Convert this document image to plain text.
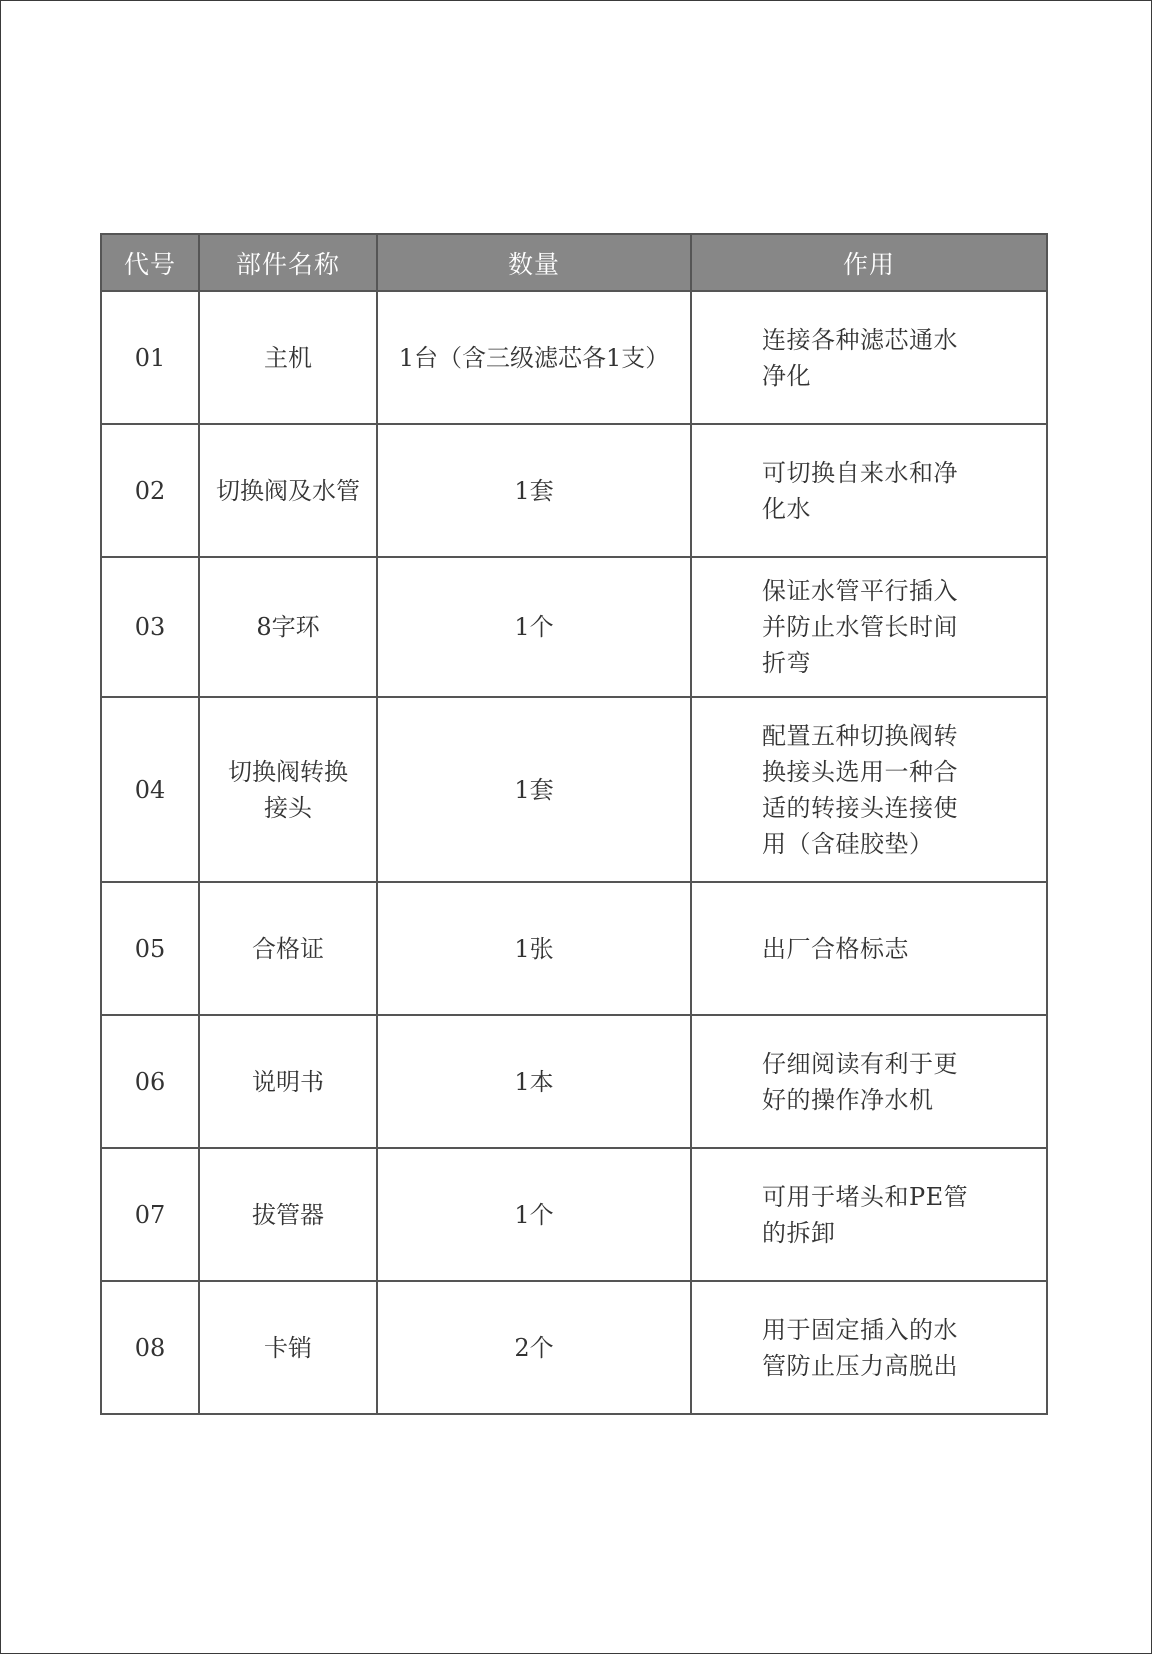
代号	部件名称	数量	作用
01	主机	1台（含三级滤芯各1支）	连接各种滤芯通水净化

02	切换阀及水管	1套	可切换自来水和净化水

03	8字环	1个	保证水管平行插入并防止水管长时间折弯

04	切换阀转换接头	1套	配置五种切换阀转换接头选用一种合适的转接头连接使用（含硅胶垫）

05	合格证	1张	出厂合格标志

06	说明书	1本	仔细阅读有利于更好的操作净水机

07	拔管器	1个	可用于堵头和PE管的拆卸

08	卡销	2个	用于固定插入的水管防止压力高脱出
